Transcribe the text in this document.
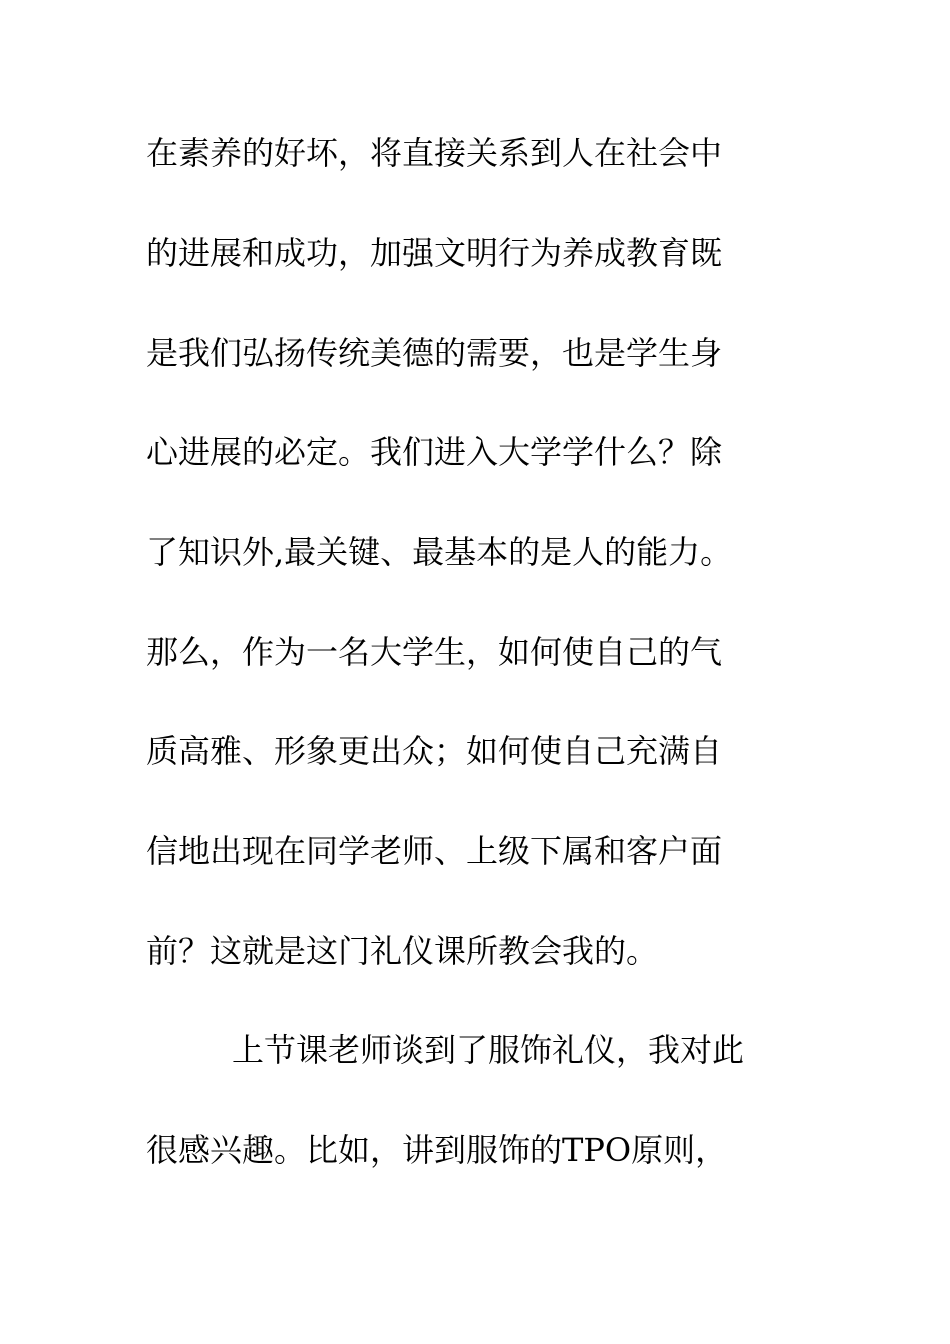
在素养的好坏，将直接关系到人在社会中
的进展和成功，加强文明行为养成教育既
是我们弘扬传统美德的需要，也是学生身
心进展的必定。我们进入大学学什么？除
了知识外,最关键、最基本的是人的能力。
那么，作为一名大学生，如何使自己的气
质高雅、形象更出众；如何使自己充满自
信地出现在同学老师、上级下属和客户面
前？这就是这门礼仪课所教会我的。
上节课老师谈到了服饰礼仪，我对此
很感兴趣。比如，讲到服饰的TPO原则，
